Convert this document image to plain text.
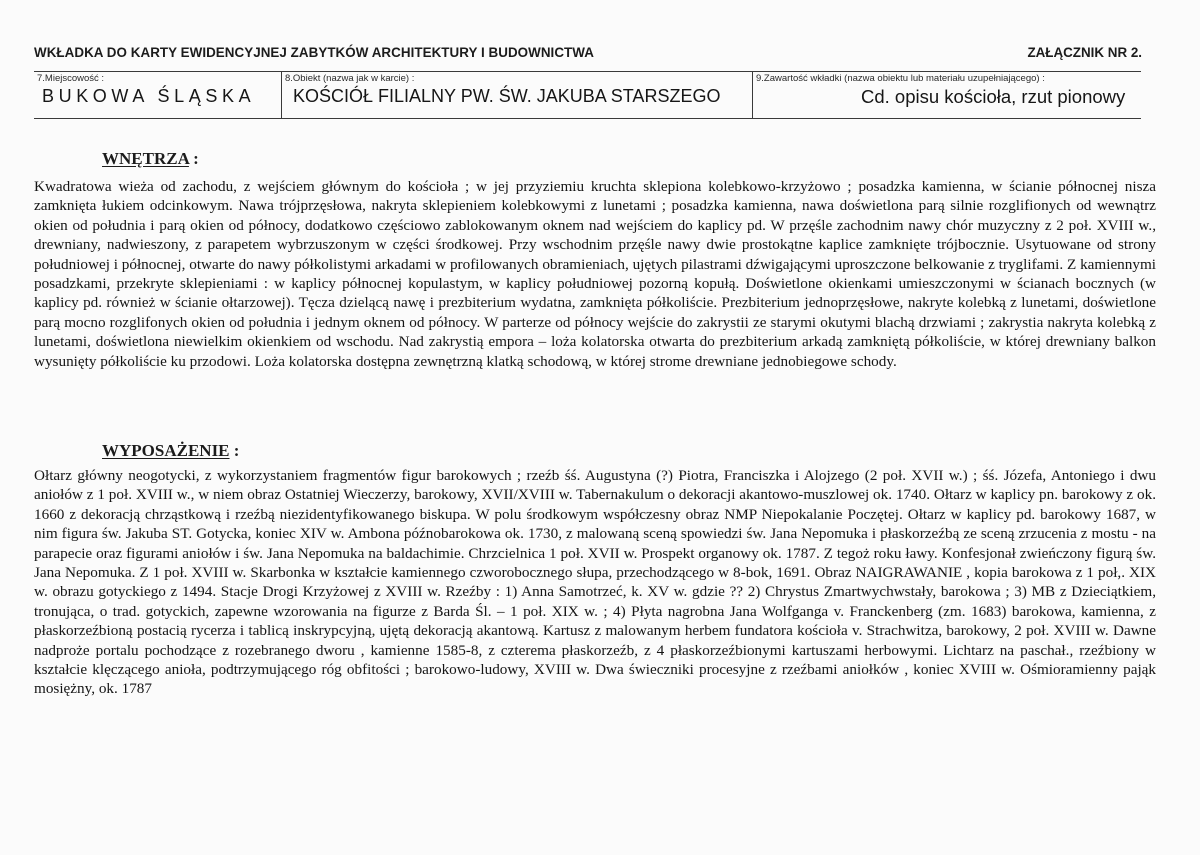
WKŁADKA DO KARTY EWIDENCYJNEJ ZABYTKÓW ARCHITEKTURY I BUDOWNICTWA	ZAŁĄCZNIK NR 2.
7.Miejscowość :
BUKOWA ŚLĄSKA
8.Obiekt (nazwa jak w karcie) :
KOŚCIÓŁ FILIALNY PW. ŚW. JAKUBA STARSZEGO
9.Zawartość wkładki (nazwa obiektu lub materiału uzupełniającego) :
Cd. opisu kościoła, rzut pionowy
WNĘTRZA :
Kwadratowa wieża od zachodu, z wejściem głównym do kościoła ; w jej przyziemiu kruchta sklepiona kolebkowo-krzyżowo ; posadzka kamienna, w ścianie północnej nisza zamknięta łukiem odcinkowym. Nawa trójprzęsłowa, nakryta sklepieniem kolebkowymi z lunetami ; posadzka kamienna, nawa doświetlona parą silnie rozglifionych od wewnątrz okien od południa i parą okien od północy, dodatkowo częściowo zablokowanym oknem nad wejściem do kaplicy pd. W przęśle zachodnim nawy chór muzyczny z 2 poł. XVIII w., drewniany, nadwieszony, z parapetem wybrzuszonym w części środkowej. Przy wschodnim przęśle nawy dwie prostokątne kaplice zamknięte trójbocznie. Usytuowane od strony południowej i północnej, otwarte do nawy półkolistymi arkadami w profilowanych obramieniach, ujętych pilastrami dźwigającymi uproszczone belkowanie z tryglifami. Z kamiennymi posadzkami, przekryte sklepieniami : w kaplicy północnej kopulastym, w kaplicy południowej pozorną kopułą. Doświetlone okienkami umieszczonymi w ścianach bocznych (w kaplicy pd. również w ścianie ołtarzowej). Tęcza dzielącą nawę i prezbiterium wydatna, zamknięta półkoliście. Prezbiterium jednoprzęsłowe, nakryte kolebką z lunetami, doświetlone parą mocno rozglifonych okien od południa i jednym oknem od północy. W parterze od północy wejście do zakrystii ze starymi okutymi blachą drzwiami ; zakrystia nakryta kolebką z lunetami, doświetlona niewielkim okienkiem od wschodu. Nad zakrystią empora – loża kolatorska otwarta do prezbiterium arkadą zamkniętą półkoliście, w której drewniany balkon wysunięty półkoliście ku przodowi. Loża kolatorska dostępna zewnętrzną klatką schodową, w której strome drewniane jednobiegowe schody.
WYPOSAŻENIE :
Ołtarz główny neogotycki, z wykorzystaniem fragmentów figur barokowych ; rzeźb śś. Augustyna (?) Piotra, Franciszka i Alojzego (2 poł. XVII w.) ; śś. Józefa, Antoniego i dwu aniołów z 1 poł. XVIII w., w niem obraz Ostatniej Wieczerzy, barokowy, XVII/XVIII w. Tabernakulum o dekoracji akantowo-muszlowej ok. 1740. Ołtarz w kaplicy pn. barokowy z ok. 1660 z dekoracją chrząstkową i rzeźbą niezidentyfikowanego biskupa. W polu środkowym współczesny obraz NMP Niepokalanie Poczętej. Ołtarz w kaplicy pd. barokowy 1687, w nim figura św. Jakuba ST. Gotycka, koniec XIV w. Ambona późnobarokowa ok. 1730, z malowaną sceną spowiedzi św. Jana Nepomuka i płaskorzeźbą ze sceną zrzucenia z mostu - na parapecie oraz figurami aniołów i św. Jana Nepomuka na baldachimie. Chrzcielnica 1 poł. XVII w. Prospekt organowy ok. 1787. Z tegoż roku ławy. Konfesjonał zwieńczony figurą św. Jana Nepomuka. Z 1 poł. XVIII w. Skarbonka w kształcie kamiennego czworobocznego słupa, przechodzącego w 8-bok, 1691. Obraz NAIGRAWANIE , kopia barokowa z 1 poł,. XIX w. obrazu gotyckiego z 1494. Stacje Drogi Krzyżowej z XVIII w. Rzeźby : 1) Anna Samotrzeć, k. XV w. gdzie ?? 2) Chrystus Zmartwychwstały, barokowa ; 3) MB z Dzieciątkiem, tronująca, o trad. gotyckich, zapewne wzorowania na figurze z Barda Śl. – 1 poł. XIX w. ; 4) Płyta nagrobna Jana Wolfganga v. Franckenberg (zm. 1683) barokowa, kamienna, z płaskorzeźbioną postacią rycerza i tablicą inskrypcyjną, ujętą dekoracją akantową. Kartusz z malowanym herbem fundatora kościoła v. Strachwitza, barokowy, 2 poł. XVIII w. Dawne nadproże portalu pochodzące z rozebranego dworu , kamienne 1585-8, z czterema płaskorzeźb, z 4 płaskorzeźbionymi kartuszami herbowymi. Lichtarz na paschał., rzeźbiony w kształcie klęczącego anioła, podtrzymującego róg obfitości ; barokowo-ludowy, XVIII w. Dwa świeczniki procesyjne z rzeźbami aniołków , koniec XVIII w. Ośmioramienny pająk mosiężny, ok. 1787
